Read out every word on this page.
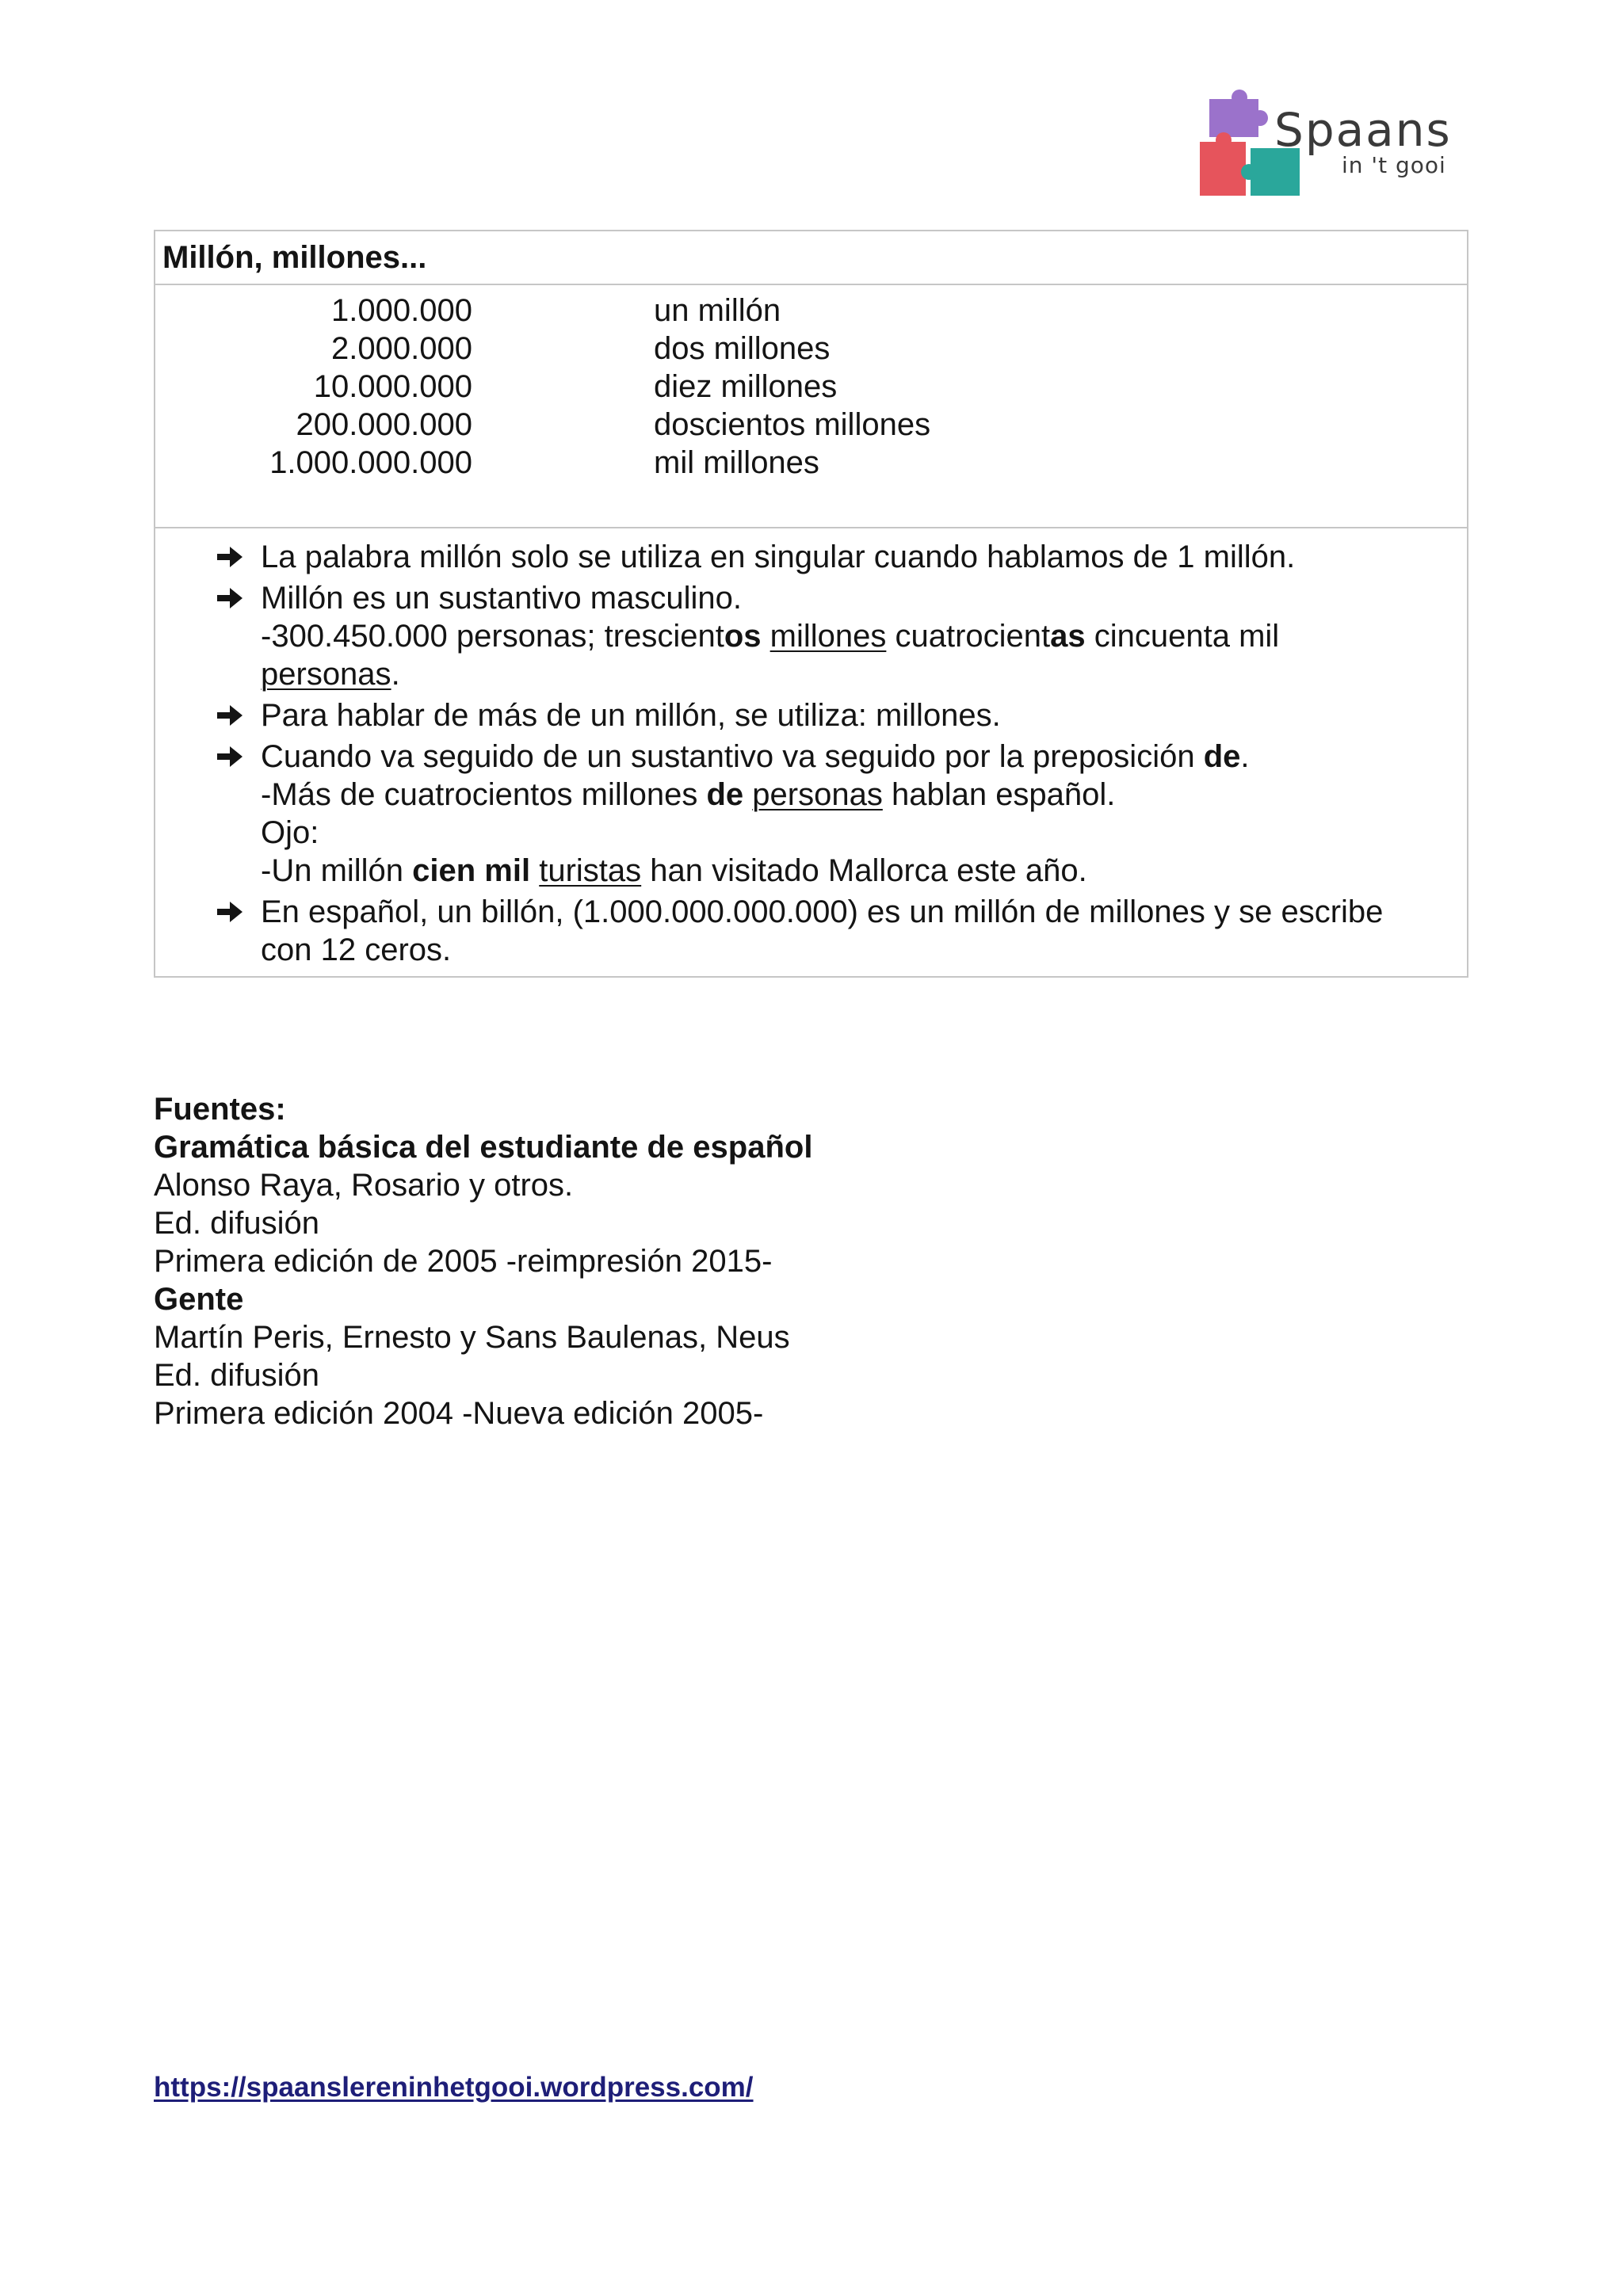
Spaans
in 't gooi
Millón, millones...
1.000.000	un millón
2.000.000	dos millones
10.000.000	diez millones
200.000.000	doscientos millones
1.000.000.000	mil millones
La palabra millón solo se utiliza en singular cuando hablamos de 1 millón.
Millón es un sustantivo masculino.
-300.450.000 personas; trescientos millones cuatrocientas cincuenta mil
personas.
Para hablar de más de un millón, se utiliza: millones.
Cuando va seguido de un sustantivo va seguido por la preposición de.
-Más de cuatrocientos millones de personas hablan español.
Ojo:
-Un millón cien mil turistas han visitado Mallorca este año.
En español, un billón, (1.000.000.000.000) es un millón de millones y se escribe
con 12 ceros.
Fuentes:
Gramática básica del estudiante de español
Alonso Raya, Rosario y otros.
Ed. difusión
Primera edición de 2005 -reimpresión 2015-
Gente
Martín Peris, Ernesto y Sans Baulenas, Neus
Ed. difusión
Primera edición 2004 -Nueva edición 2005-
https://spaanslereninhetgooi.wordpress.com/
